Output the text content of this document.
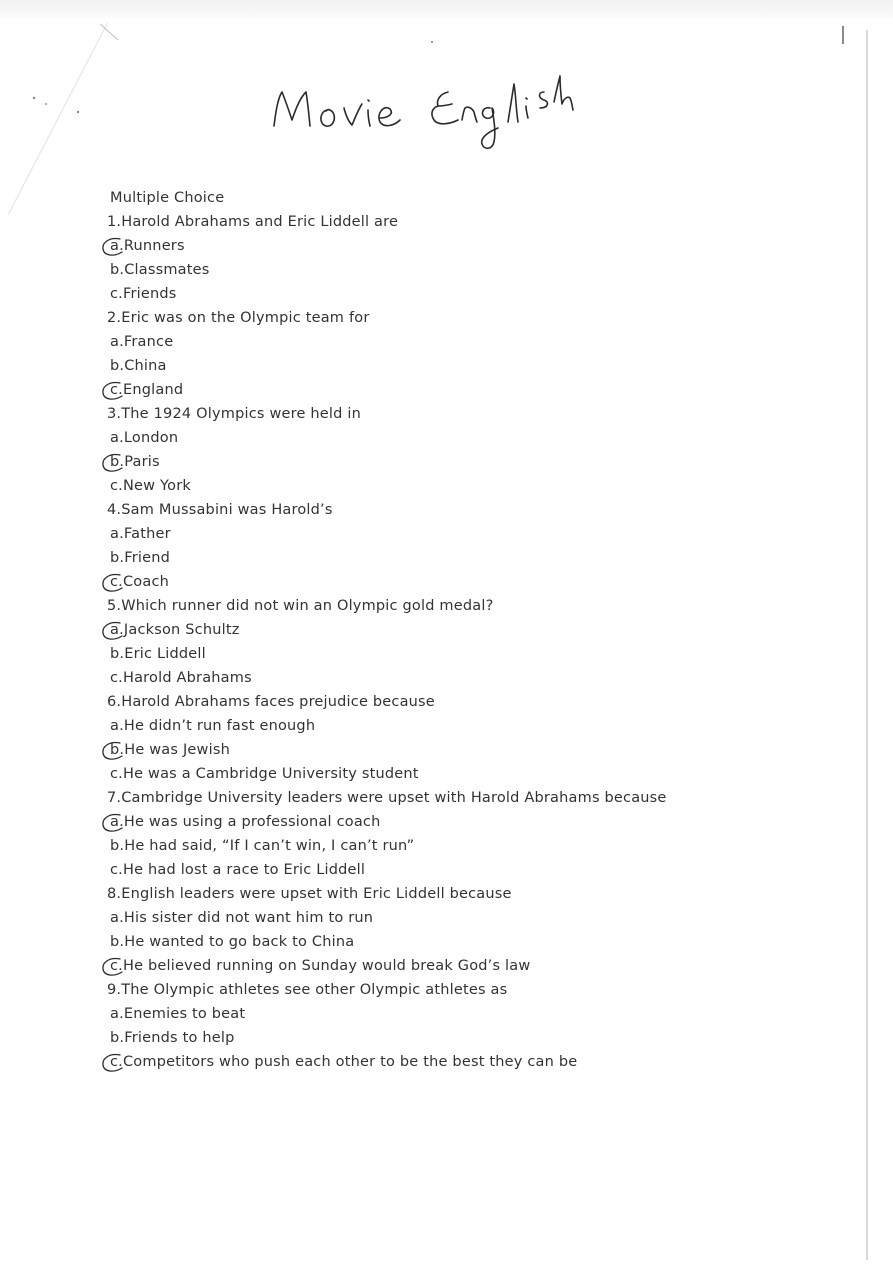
Multiple Choice
1.Harold Abrahams and Eric Liddell are
a.Runners
b.Classmates
c.Friends
2.Eric was on the Olympic team for
a.France
b.China
c.England
3.The 1924 Olympics were held in
a.London
b.Paris
c.New York
4.Sam Mussabini was Harold’s
a.Father
b.Friend
c.Coach
5.Which runner did not win an Olympic gold medal?
a.Jackson Schultz
b.Eric Liddell
c.Harold Abrahams
6.Harold Abrahams faces prejudice because
a.He didn’t run fast enough
b.He was Jewish
c.He was a Cambridge University student
7.Cambridge University leaders were upset with Harold Abrahams because
a.He was using a professional coach
b.He had said, “If I can’t win, I can’t run”
c.He had lost a race to Eric Liddell
8.English leaders were upset with Eric Liddell because
a.His sister did not want him to run
b.He wanted to go back to China
c.He believed running on Sunday would break God’s law
9.The Olympic athletes see other Olympic athletes as
a.Enemies to beat
b.Friends to help
c.Competitors who push each other to be the best they can be
